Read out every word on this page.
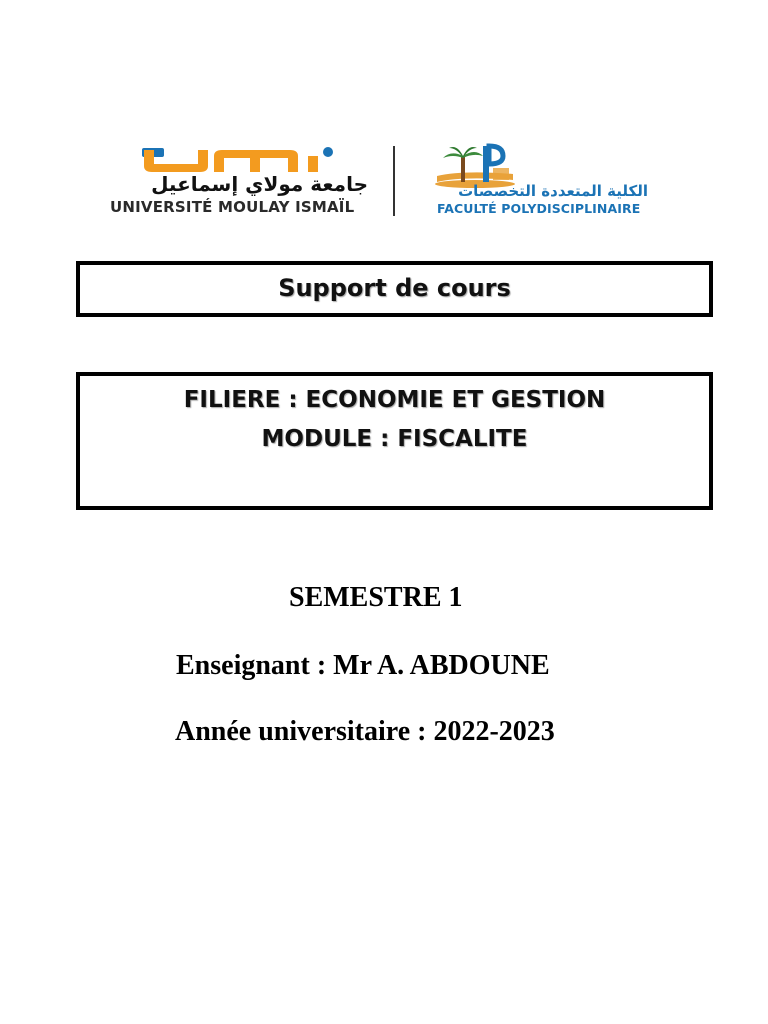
جامعة مولاي إسماعيل
UNIVERSITÉ MOULAY ISMAÏL
الكلية المتعددة التخصصات
FACULTÉ POLYDISCIPLINAIRE
Support de cours
FILIERE : ECONOMIE ET GESTION
MODULE : FISCALITE
SEMESTRE 1
Enseignant : Mr A. ABDOUNE
Année universitaire : 2022-2023
